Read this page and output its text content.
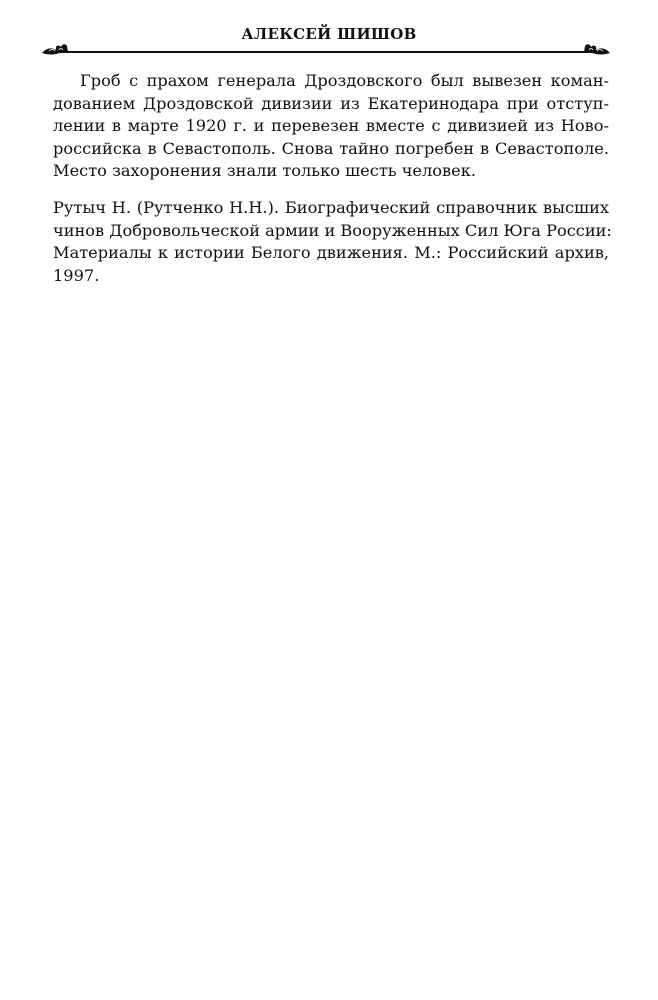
АЛЕКСЕЙ ШИШОВ

Гроб с прахом генерала Дроздовского был вывезен коман-
дованием Дроздовской дивизии из Екатеринодара при отступ-
лении в марте 1920 г. и перевезен вместе с дивизией из Ново-
российска в Севастополь. Снова тайно погребен в Севастополе.
Место захоронения знали только шесть человек.

Рутыч Н. (Рутченко Н.Н.). Биографический справочник высших
чинов Добровольческой армии и Вооруженных Сил Юга России:
Материалы к истории Белого движения. М.: Российский архив,
1997.
